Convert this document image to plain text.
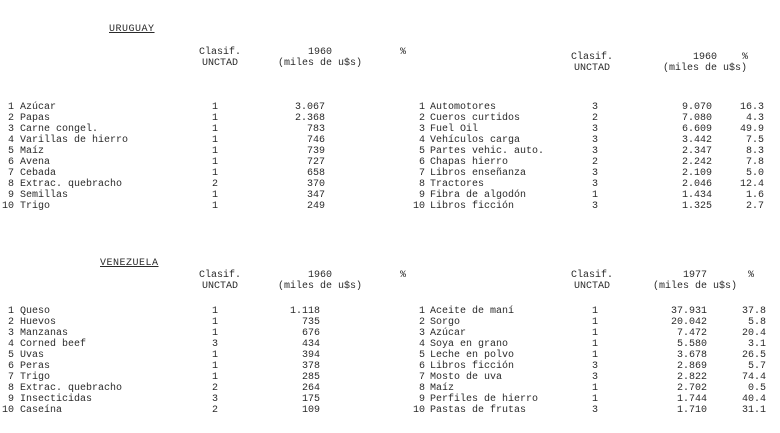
URUGUAY
Clasif.
UNCTAD
1960
(miles de u$s)
%	Clasif.
UNCTAD
1960
(miles de u$s)
%
1
2
3
4
5
6
7
8
9
10
Azúcar
Papas
Carne congel.
Varillas de hierro
Maíz
Avena
Cebada
Extrac. quebracho
Semillas
Trigo
1
1
1
1
1
1
1
2
1
1
3.067
2.368
783
746
739
727
658
370
347
249
1
2
3
4
5
6
7
8
9
10
Automotores
Cueros curtidos
Fuel Oil
Vehículos carga
Partes vehic. auto.
Chapas hierro
Libros enseñanza
Tractores
Fibra de algodón
Libros ficción
3
2
3
3
3
2
3
3
1
3
9.070
7.080
6.609
3.442
2.347
2.242
2.109
2.046
1.434
1.325
16.3
4.3
49.9
7.5
8.3
7.8
5.0
12.4
1.6
2.7
VENEZUELA
Clasif.
UNCTAD
1960
(miles de u$s)
%	Clasif.
UNCTAD
1977
(miles de u$s)
%
1
2
3
4
5
6
7
8
9
10
Queso
Huevos
Manzanas
Corned beef
Uvas
Peras
Trigo
Extrac. quebracho
Insecticidas
Caseína
1
1
1
3
1
1
1
2
3
2
1.118
735
676
434
394
378
285
264
175
109
1
2
3
4
5
6
7
8
9
10
Aceite de maní
Sorgo
Azúcar
Soya en grano
Leche en polvo
Libros ficción
Mosto de uva
Maíz
Perfiles de hierro
Pastas de frutas
1
1
1
1
1
3
3
1
1
3
37.931
20.042
7.472
5.580
3.678
2.869
2.822
2.702
1.744
1.710
37.8
5.8
20.4
3.1
26.5
5.7
74.4
0.5
40.4
31.1
